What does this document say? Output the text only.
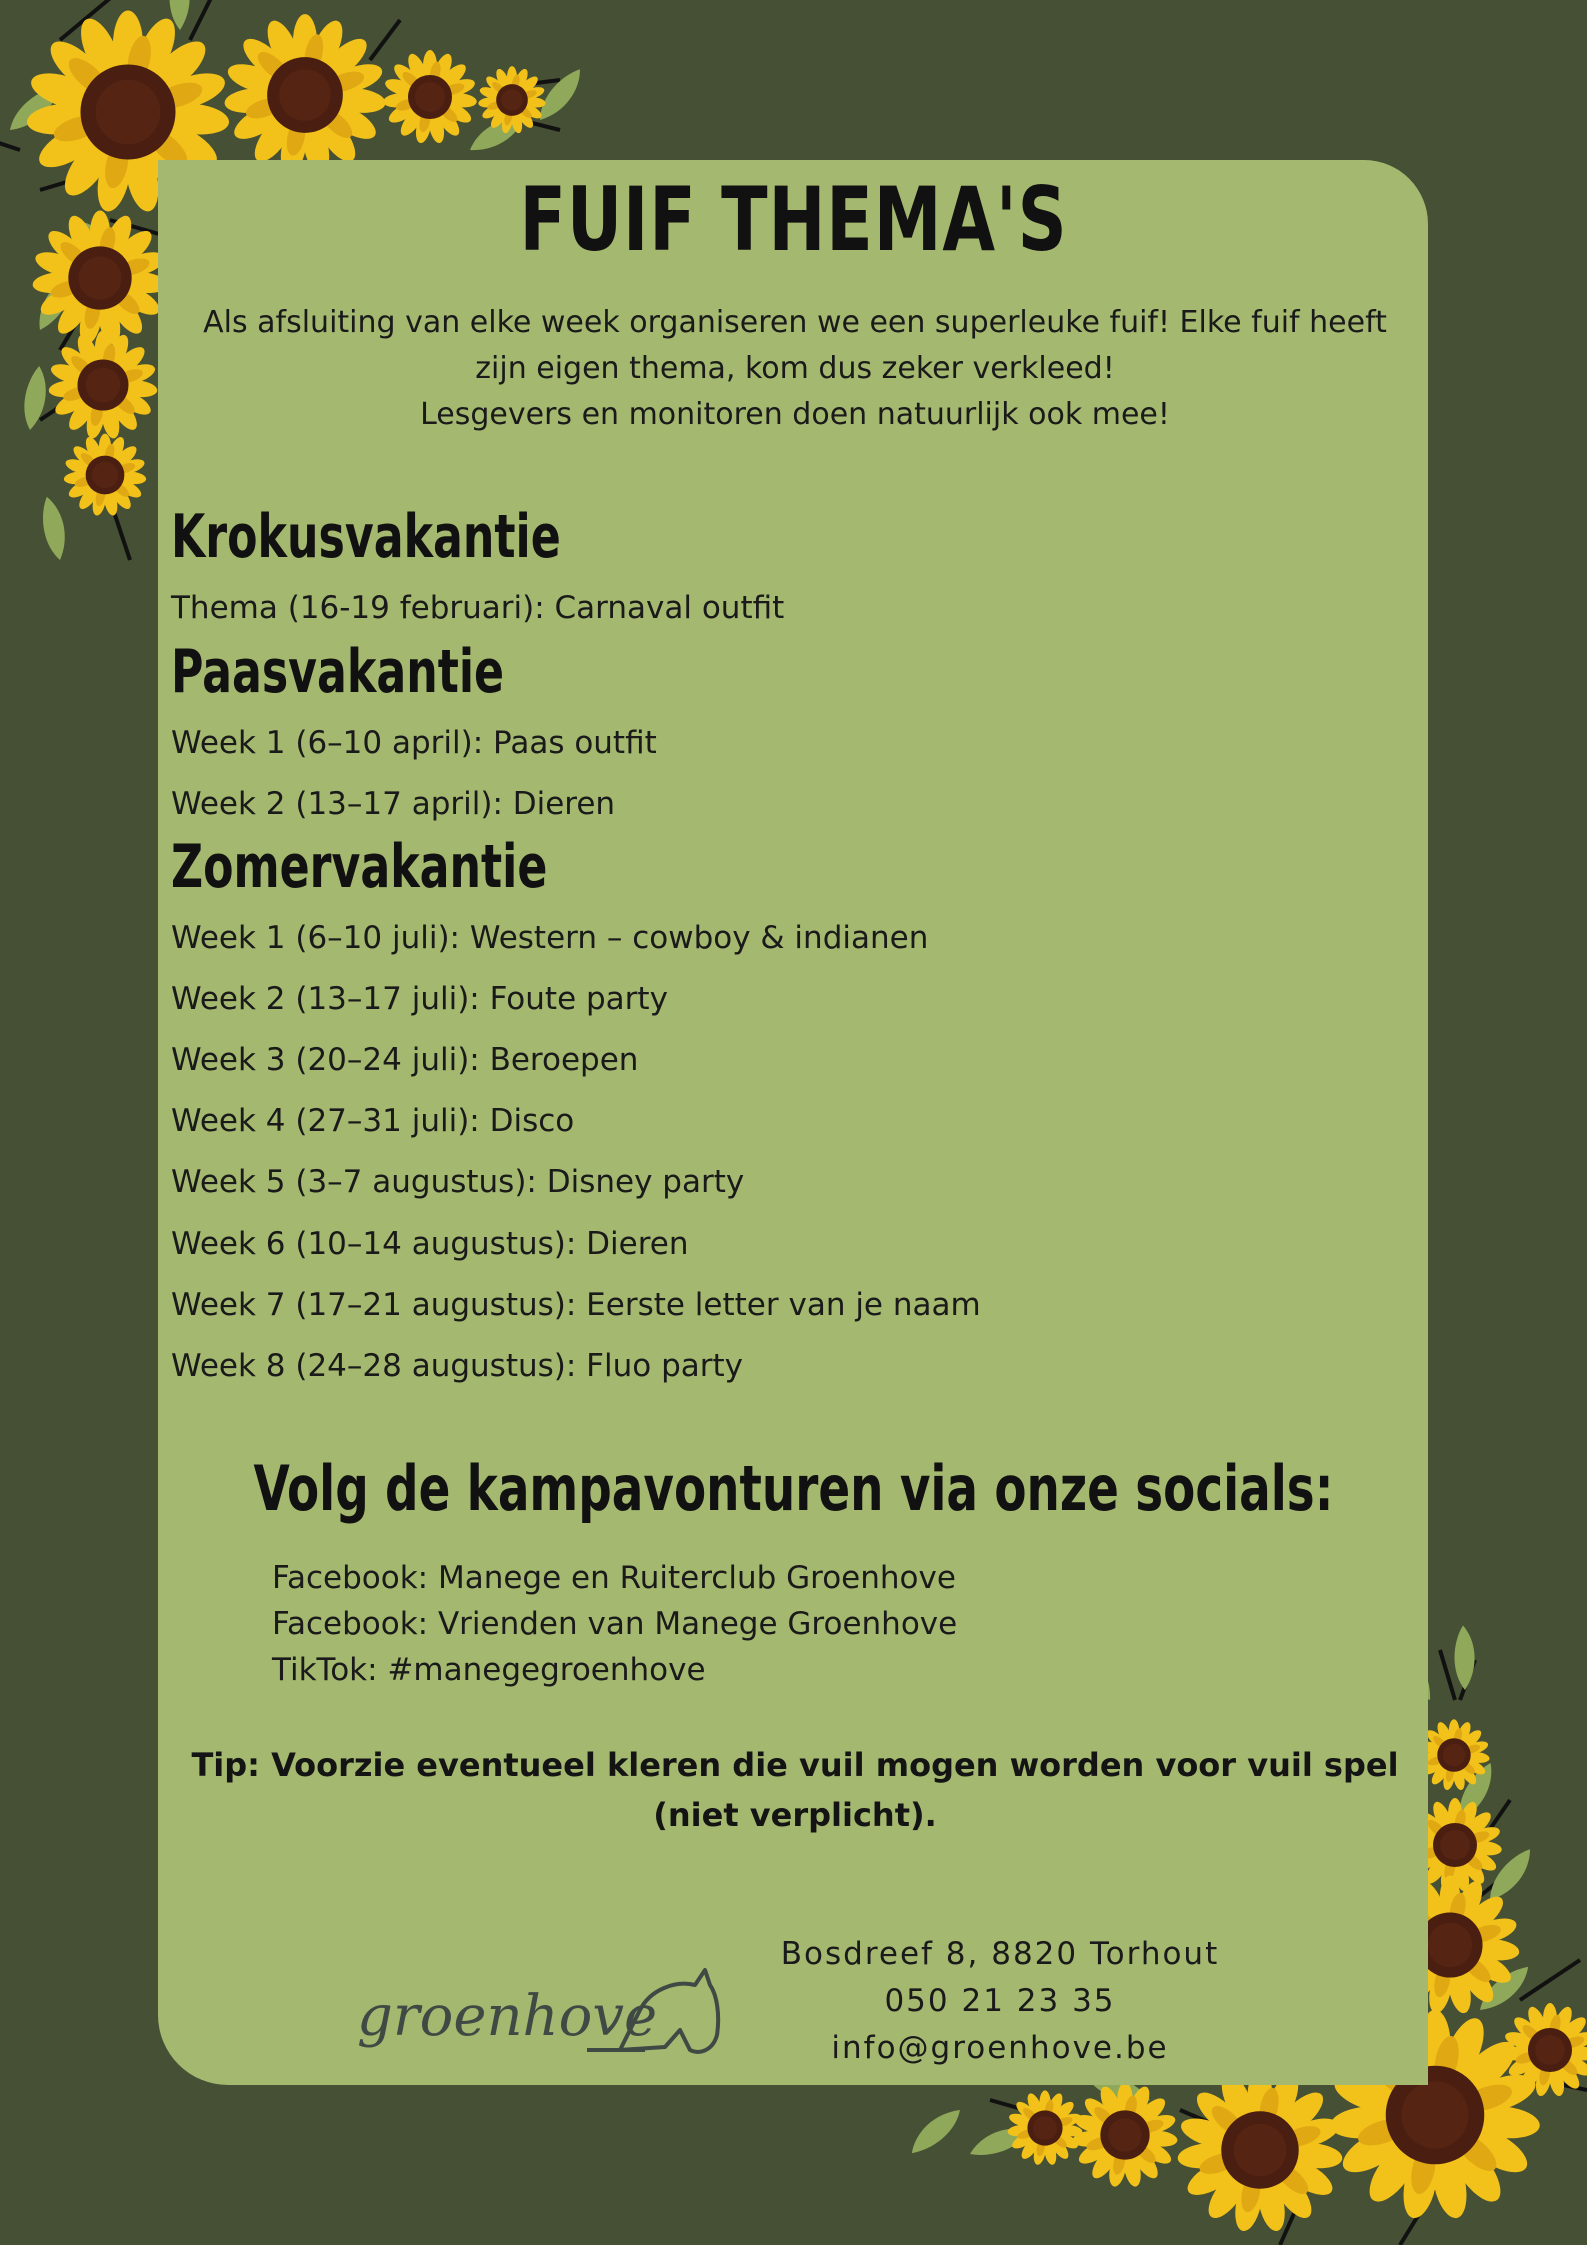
FUIF THEMA'S
Als afsluiting van elke week organiseren we een superleuke fuif! Elke fuif heeft
zijn eigen thema, kom dus zeker verkleed!
Lesgevers en monitoren doen natuurlijk ook mee!
Krokusvakantie
Thema (16-19 februari): Carnaval outfit
Paasvakantie
Week 1 (6–10 april): Paas outfit
Week 2 (13–17 april): Dieren
Zomervakantie
Week 1 (6–10 juli): Western – cowboy & indianen
Week 2 (13–17 juli): Foute party
Week 3 (20–24 juli): Beroepen
Week 4 (27–31 juli): Disco
Week 5 (3–7 augustus): Disney party
Week 6 (10–14 augustus): Dieren
Week 7 (17–21 augustus): Eerste letter van je naam
Week 8 (24–28 augustus): Fluo party
Volg de kampavonturen via onze socials:
Facebook: Manege en Ruiterclub Groenhove
Facebook: Vrienden van Manege Groenhove
TikTok: #manegegroenhove
Tip: Voorzie eventueel kleren die vuil mogen worden voor vuil spel
(niet verplicht).
groenhove
Bosdreef 8, 8820 Torhout
050 21 23 35
info@groenhove.be
